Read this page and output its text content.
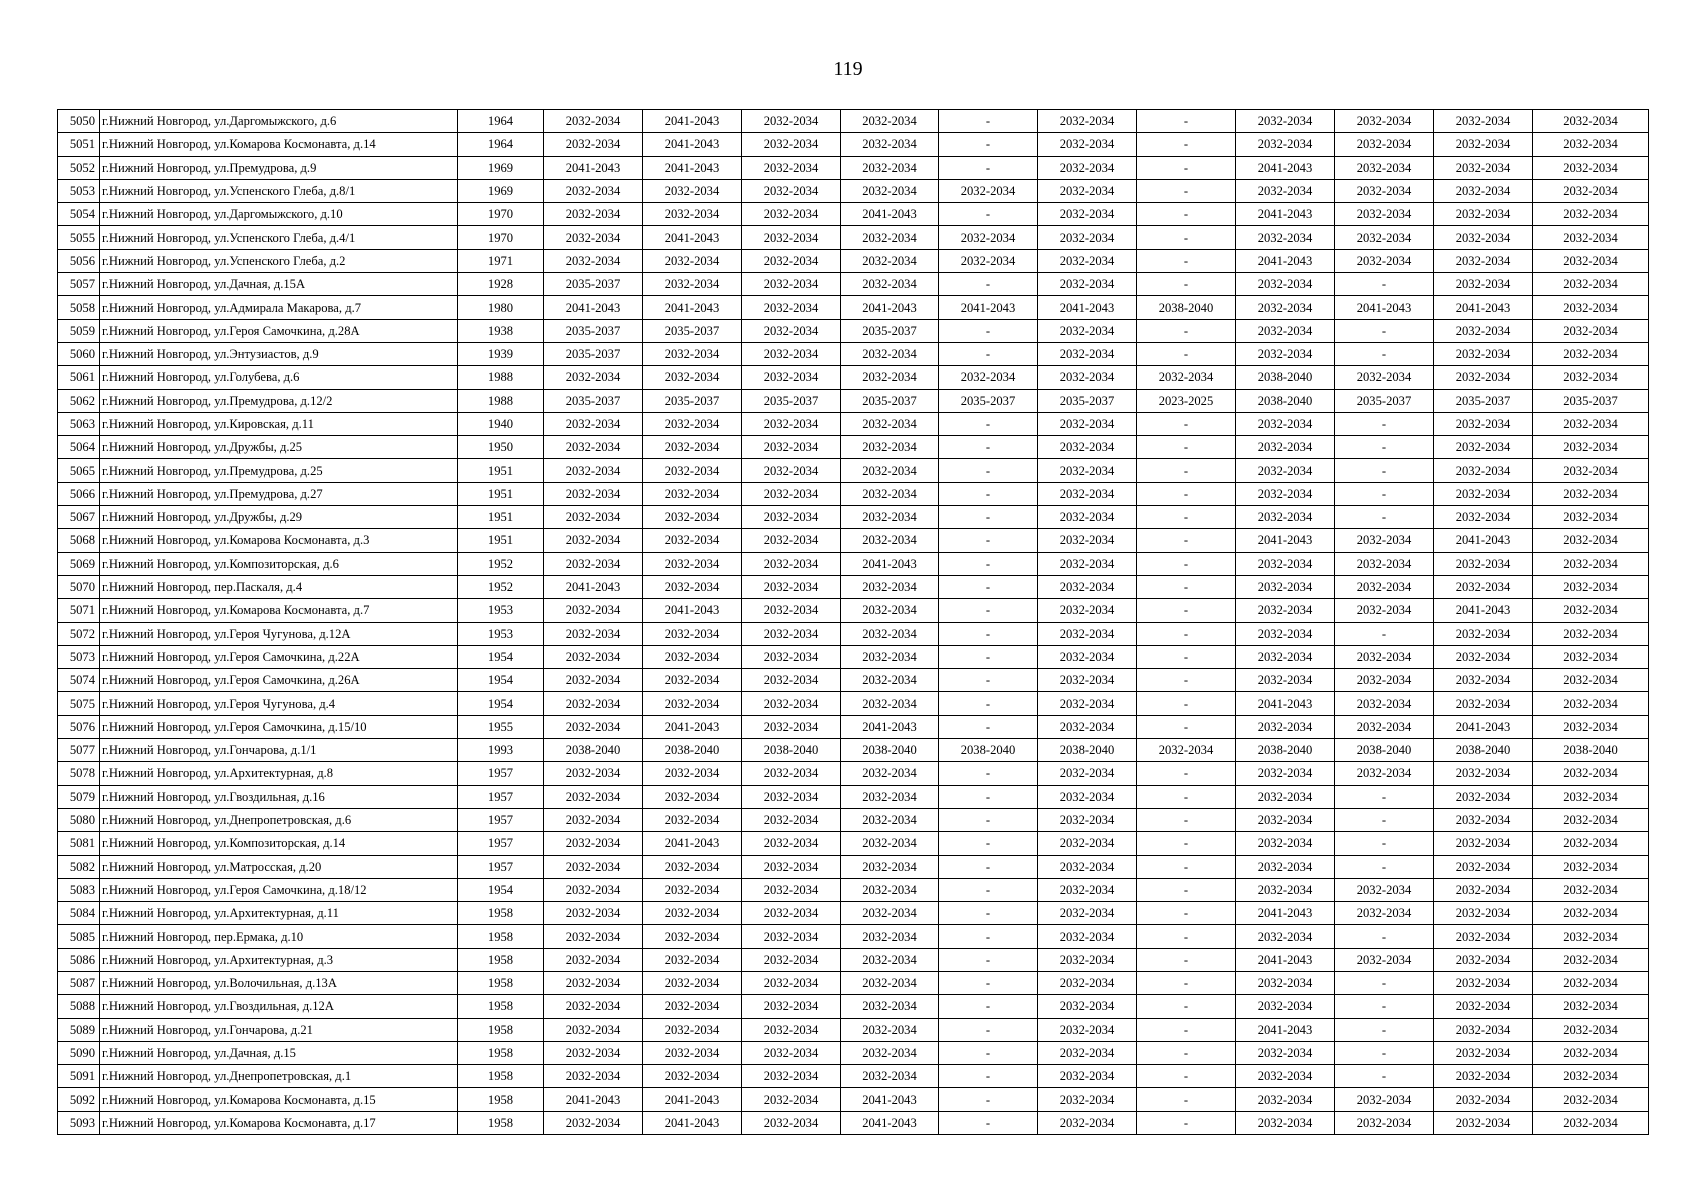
119
5050	г.Нижний Новгород, ул.Даргомыжского, д.6	1964	2032-2034	2041-2043	2032-2034	2032-2034	-	2032-2034	-	2032-2034	2032-2034	2032-2034	2032-2034
5051	г.Нижний Новгород, ул.Комарова Космонавта, д.14	1964	2032-2034	2041-2043	2032-2034	2032-2034	-	2032-2034	-	2032-2034	2032-2034	2032-2034	2032-2034
5052	г.Нижний Новгород, ул.Премудрова, д.9	1969	2041-2043	2041-2043	2032-2034	2032-2034	-	2032-2034	-	2041-2043	2032-2034	2032-2034	2032-2034
5053	г.Нижний Новгород, ул.Успенского Глеба, д.8/1	1969	2032-2034	2032-2034	2032-2034	2032-2034	2032-2034	2032-2034	-	2032-2034	2032-2034	2032-2034	2032-2034
5054	г.Нижний Новгород, ул.Даргомыжского, д.10	1970	2032-2034	2032-2034	2032-2034	2041-2043	-	2032-2034	-	2041-2043	2032-2034	2032-2034	2032-2034
5055	г.Нижний Новгород, ул.Успенского Глеба, д.4/1	1970	2032-2034	2041-2043	2032-2034	2032-2034	2032-2034	2032-2034	-	2032-2034	2032-2034	2032-2034	2032-2034
5056	г.Нижний Новгород, ул.Успенского Глеба, д.2	1971	2032-2034	2032-2034	2032-2034	2032-2034	2032-2034	2032-2034	-	2041-2043	2032-2034	2032-2034	2032-2034
5057	г.Нижний Новгород, ул.Дачная, д.15А	1928	2035-2037	2032-2034	2032-2034	2032-2034	-	2032-2034	-	2032-2034	-	2032-2034	2032-2034
5058	г.Нижний Новгород, ул.Адмирала Макарова, д.7	1980	2041-2043	2041-2043	2032-2034	2041-2043	2041-2043	2041-2043	2038-2040	2032-2034	2041-2043	2041-2043	2032-2034
5059	г.Нижний Новгород, ул.Героя Самочкина, д.28А	1938	2035-2037	2035-2037	2032-2034	2035-2037	-	2032-2034	-	2032-2034	-	2032-2034	2032-2034
5060	г.Нижний Новгород, ул.Энтузиастов, д.9	1939	2035-2037	2032-2034	2032-2034	2032-2034	-	2032-2034	-	2032-2034	-	2032-2034	2032-2034
5061	г.Нижний Новгород, ул.Голубева, д.6	1988	2032-2034	2032-2034	2032-2034	2032-2034	2032-2034	2032-2034	2032-2034	2038-2040	2032-2034	2032-2034	2032-2034
5062	г.Нижний Новгород, ул.Премудрова, д.12/2	1988	2035-2037	2035-2037	2035-2037	2035-2037	2035-2037	2035-2037	2023-2025	2038-2040	2035-2037	2035-2037	2035-2037
5063	г.Нижний Новгород, ул.Кировская, д.11	1940	2032-2034	2032-2034	2032-2034	2032-2034	-	2032-2034	-	2032-2034	-	2032-2034	2032-2034
5064	г.Нижний Новгород, ул.Дружбы, д.25	1950	2032-2034	2032-2034	2032-2034	2032-2034	-	2032-2034	-	2032-2034	-	2032-2034	2032-2034
5065	г.Нижний Новгород, ул.Премудрова, д.25	1951	2032-2034	2032-2034	2032-2034	2032-2034	-	2032-2034	-	2032-2034	-	2032-2034	2032-2034
5066	г.Нижний Новгород, ул.Премудрова, д.27	1951	2032-2034	2032-2034	2032-2034	2032-2034	-	2032-2034	-	2032-2034	-	2032-2034	2032-2034
5067	г.Нижний Новгород, ул.Дружбы, д.29	1951	2032-2034	2032-2034	2032-2034	2032-2034	-	2032-2034	-	2032-2034	-	2032-2034	2032-2034
5068	г.Нижний Новгород, ул.Комарова Космонавта, д.3	1951	2032-2034	2032-2034	2032-2034	2032-2034	-	2032-2034	-	2041-2043	2032-2034	2041-2043	2032-2034
5069	г.Нижний Новгород, ул.Композиторская, д.6	1952	2032-2034	2032-2034	2032-2034	2041-2043	-	2032-2034	-	2032-2034	2032-2034	2032-2034	2032-2034
5070	г.Нижний Новгород, пер.Паскаля, д.4	1952	2041-2043	2032-2034	2032-2034	2032-2034	-	2032-2034	-	2032-2034	2032-2034	2032-2034	2032-2034
5071	г.Нижний Новгород, ул.Комарова Космонавта, д.7	1953	2032-2034	2041-2043	2032-2034	2032-2034	-	2032-2034	-	2032-2034	2032-2034	2041-2043	2032-2034
5072	г.Нижний Новгород, ул.Героя Чугунова, д.12А	1953	2032-2034	2032-2034	2032-2034	2032-2034	-	2032-2034	-	2032-2034	-	2032-2034	2032-2034
5073	г.Нижний Новгород, ул.Героя Самочкина, д.22А	1954	2032-2034	2032-2034	2032-2034	2032-2034	-	2032-2034	-	2032-2034	2032-2034	2032-2034	2032-2034
5074	г.Нижний Новгород, ул.Героя Самочкина, д.26А	1954	2032-2034	2032-2034	2032-2034	2032-2034	-	2032-2034	-	2032-2034	2032-2034	2032-2034	2032-2034
5075	г.Нижний Новгород, ул.Героя Чугунова, д.4	1954	2032-2034	2032-2034	2032-2034	2032-2034	-	2032-2034	-	2041-2043	2032-2034	2032-2034	2032-2034
5076	г.Нижний Новгород, ул.Героя Самочкина, д.15/10	1955	2032-2034	2041-2043	2032-2034	2041-2043	-	2032-2034	-	2032-2034	2032-2034	2041-2043	2032-2034
5077	г.Нижний Новгород, ул.Гончарова, д.1/1	1993	2038-2040	2038-2040	2038-2040	2038-2040	2038-2040	2038-2040	2032-2034	2038-2040	2038-2040	2038-2040	2038-2040
5078	г.Нижний Новгород, ул.Архитектурная, д.8	1957	2032-2034	2032-2034	2032-2034	2032-2034	-	2032-2034	-	2032-2034	2032-2034	2032-2034	2032-2034
5079	г.Нижний Новгород, ул.Гвоздильная, д.16	1957	2032-2034	2032-2034	2032-2034	2032-2034	-	2032-2034	-	2032-2034	-	2032-2034	2032-2034
5080	г.Нижний Новгород, ул.Днепропетровская, д.6	1957	2032-2034	2032-2034	2032-2034	2032-2034	-	2032-2034	-	2032-2034	-	2032-2034	2032-2034
5081	г.Нижний Новгород, ул.Композиторская, д.14	1957	2032-2034	2041-2043	2032-2034	2032-2034	-	2032-2034	-	2032-2034	-	2032-2034	2032-2034
5082	г.Нижний Новгород, ул.Матросская, д.20	1957	2032-2034	2032-2034	2032-2034	2032-2034	-	2032-2034	-	2032-2034	-	2032-2034	2032-2034
5083	г.Нижний Новгород, ул.Героя Самочкина, д.18/12	1954	2032-2034	2032-2034	2032-2034	2032-2034	-	2032-2034	-	2032-2034	2032-2034	2032-2034	2032-2034
5084	г.Нижний Новгород, ул.Архитектурная, д.11	1958	2032-2034	2032-2034	2032-2034	2032-2034	-	2032-2034	-	2041-2043	2032-2034	2032-2034	2032-2034
5085	г.Нижний Новгород, пер.Ермака, д.10	1958	2032-2034	2032-2034	2032-2034	2032-2034	-	2032-2034	-	2032-2034	-	2032-2034	2032-2034
5086	г.Нижний Новгород, ул.Архитектурная, д.3	1958	2032-2034	2032-2034	2032-2034	2032-2034	-	2032-2034	-	2041-2043	2032-2034	2032-2034	2032-2034
5087	г.Нижний Новгород, ул.Волочильная, д.13А	1958	2032-2034	2032-2034	2032-2034	2032-2034	-	2032-2034	-	2032-2034	-	2032-2034	2032-2034
5088	г.Нижний Новгород, ул.Гвоздильная, д.12А	1958	2032-2034	2032-2034	2032-2034	2032-2034	-	2032-2034	-	2032-2034	-	2032-2034	2032-2034
5089	г.Нижний Новгород, ул.Гончарова, д.21	1958	2032-2034	2032-2034	2032-2034	2032-2034	-	2032-2034	-	2041-2043	-	2032-2034	2032-2034
5090	г.Нижний Новгород, ул.Дачная, д.15	1958	2032-2034	2032-2034	2032-2034	2032-2034	-	2032-2034	-	2032-2034	-	2032-2034	2032-2034
5091	г.Нижний Новгород, ул.Днепропетровская, д.1	1958	2032-2034	2032-2034	2032-2034	2032-2034	-	2032-2034	-	2032-2034	-	2032-2034	2032-2034
5092	г.Нижний Новгород, ул.Комарова Космонавта, д.15	1958	2041-2043	2041-2043	2032-2034	2041-2043	-	2032-2034	-	2032-2034	2032-2034	2032-2034	2032-2034
5093	г.Нижний Новгород, ул.Комарова Космонавта, д.17	1958	2032-2034	2041-2043	2032-2034	2041-2043	-	2032-2034	-	2032-2034	2032-2034	2032-2034	2032-2034
